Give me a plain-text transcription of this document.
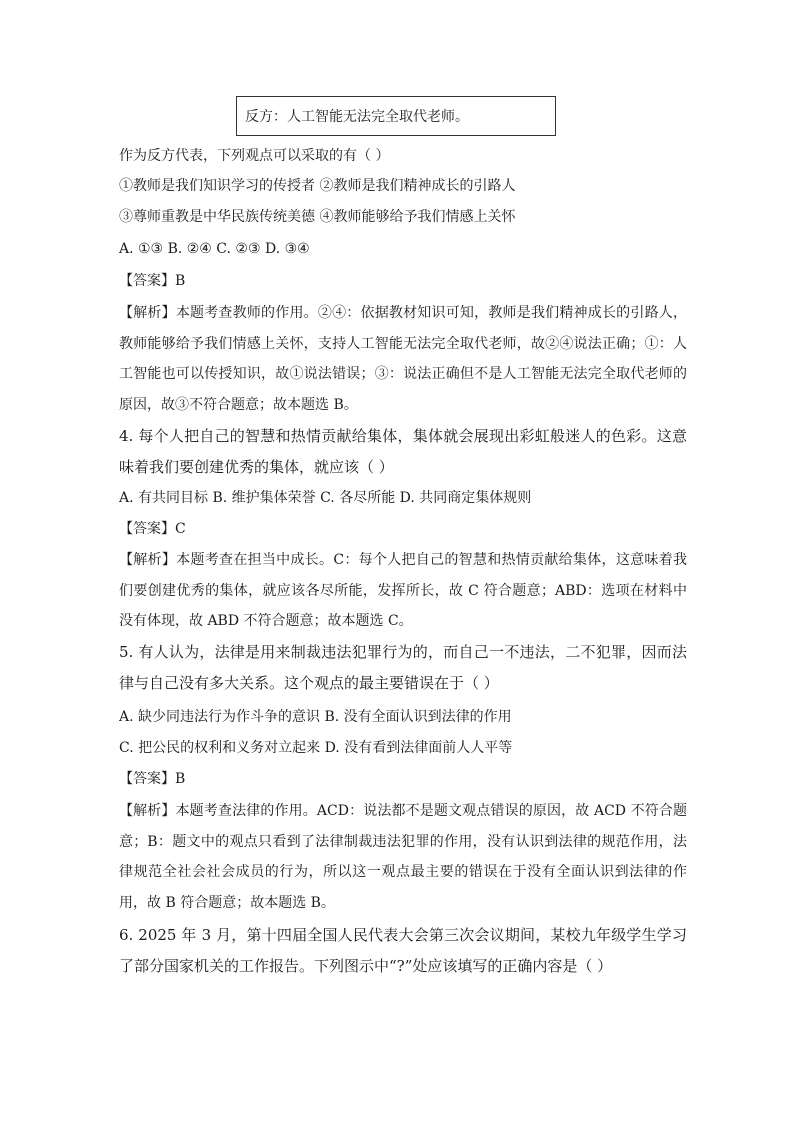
反方：人工智能无法完全取代老师。
作为反方代表，下列观点可以采取的有（ ）
①教师是我们知识学习的传授者 ②教师是我们精神成长的引路人
③尊师重教是中华民族传统美德 ④教师能够给予我们情感上关怀
A. ①③ B. ②④ C. ②③ D. ③④
【答案】B
【解析】本题考查教师的作用。②④：依据教材知识可知，教师是我们精神成长的引路人，教师能够给予我们情感上关怀，支持人工智能无法完全取代老师，故②④说法正确；①：人工智能也可以传授知识，故①说法错误；③：说法正确但不是人工智能无法完全取代老师的原因，故③不符合题意；故本题选 B。
4. 每个人把自己的智慧和热情贡献给集体，集体就会展现出彩虹般迷人的色彩。这意味着我们要创建优秀的集体，就应该（ ）
A. 有共同目标 B. 维护集体荣誉 C. 各尽所能 D. 共同商定集体规则
【答案】C
【解析】本题考查在担当中成长。C：每个人把自己的智慧和热情贡献给集体，这意味着我们要创建优秀的集体，就应该各尽所能，发挥所长，故 C 符合题意；ABD：选项在材料中没有体现，故 ABD 不符合题意；故本题选 C。
5. 有人认为，法律是用来制裁违法犯罪行为的，而自己一不违法，二不犯罪，因而法律与自己没有多大关系。这个观点的最主要错误在于（ ）
A. 缺少同违法行为作斗争的意识 B. 没有全面认识到法律的作用
C. 把公民的权利和义务对立起来 D. 没有看到法律面前人人平等
【答案】B
【解析】本题考查法律的作用。ACD：说法都不是题文观点错误的原因，故 ACD 不符合题意；B：题文中的观点只看到了法律制裁违法犯罪的作用，没有认识到法律的规范作用，法律规范全社会社会成员的行为，所以这一观点最主要的错误在于没有全面认识到法律的作用，故 B 符合题意；故本题选 B。
6. 2025 年 3 月，第十四届全国人民代表大会第三次会议期间，某校九年级学生学习了部分国家机关的工作报告。下列图示中“?”处应该填写的正确内容是（ ）
